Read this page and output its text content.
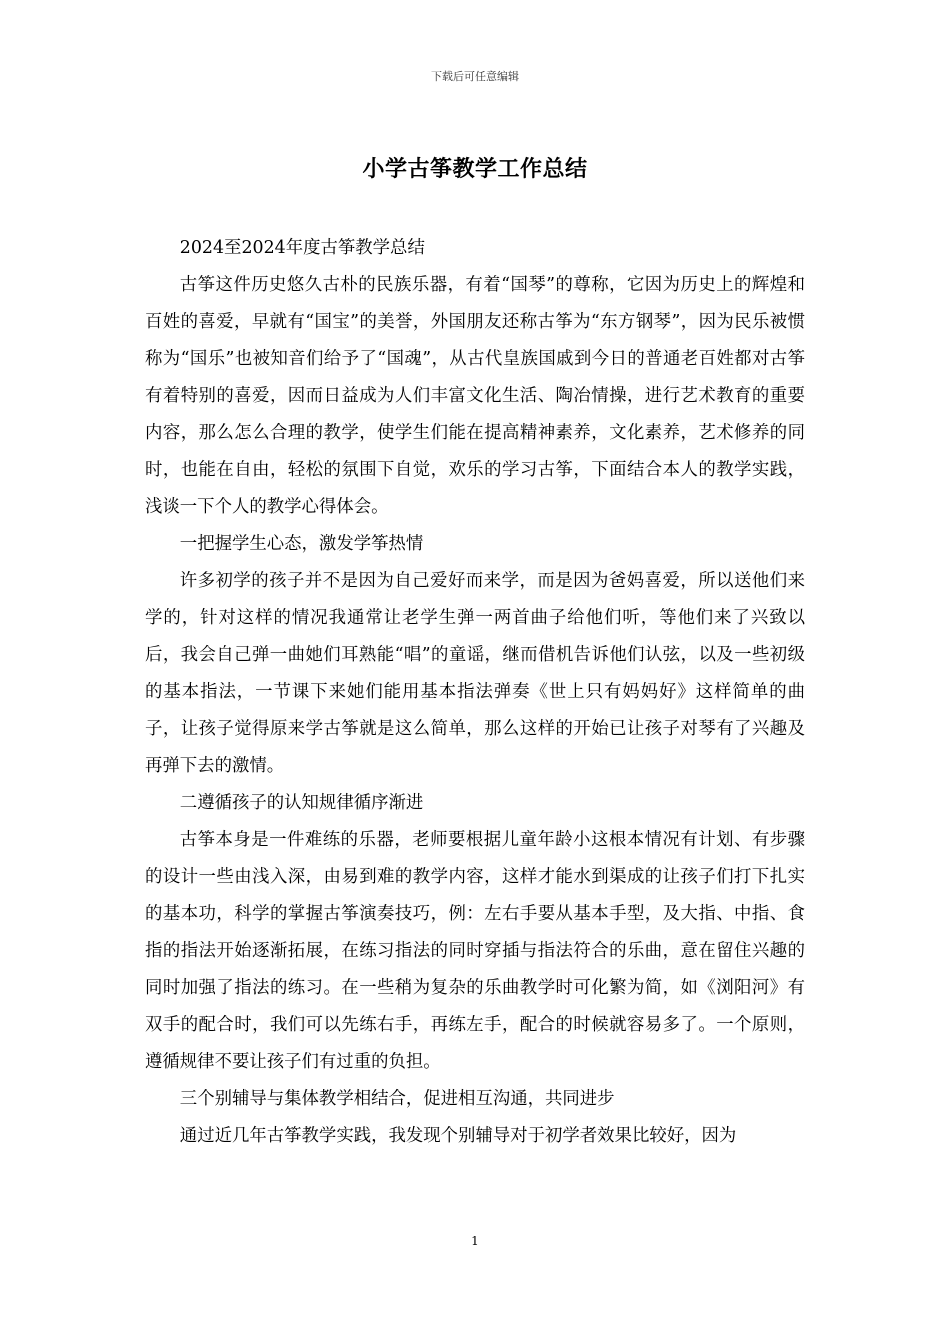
下载后可任意编辑
小学古筝教学工作总结

2024至2024年度古筝教学总结

古筝这件历史悠久古朴的民族乐器，有着“国琴”的尊称，它因为历史上的辉煌和百姓的喜爱，早就有“国宝”的美誉，外国朋友还称古筝为“东方钢琴”，因为民乐被惯称为“国乐”也被知音们给予了“国魂”，从古代皇族国戚到今日的普通老百姓都对古筝有着特别的喜爱，因而日益成为人们丰富文化生活、陶冶情操，进行艺术教育的重要内容，那么怎么合理的教学，使学生们能在提高精神素养，文化素养，艺术修养的同时，也能在自由，轻松的氛围下自觉，欢乐的学习古筝，下面结合本人的教学实践，浅谈一下个人的教学心得体会。

一把握学生心态，激发学筝热情

许多初学的孩子并不是因为自己爱好而来学，而是因为爸妈喜爱，所以送他们来学的，针对这样的情况我通常让老学生弹一两首曲子给他们听，等他们来了兴致以后，我会自己弹一曲她们耳熟能“唱”的童谣，继而借机告诉他们认弦，以及一些初级的基本指法，一节课下来她们能用基本指法弹奏《世上只有妈妈好》这样简单的曲子，让孩子觉得原来学古筝就是这么简单，那么这样的开始已让孩子对琴有了兴趣及再弹下去的激情。

二遵循孩子的认知规律循序渐进

古筝本身是一件难练的乐器，老师要根据儿童年龄小这根本情况有计划、有步骤的设计一些由浅入深，由易到难的教学内容，这样才能水到渠成的让孩子们打下扎实的基本功，科学的掌握古筝演奏技巧，例：左右手要从基本手型，及大指、中指、食指的指法开始逐渐拓展，在练习指法的同时穿插与指法符合的乐曲，意在留住兴趣的同时加强了指法的练习。在一些稍为复杂的乐曲教学时可化繁为简，如《浏阳河》有双手的配合时，我们可以先练右手，再练左手，配合的时候就容易多了。一个原则，遵循规律不要让孩子们有过重的负担。

三个别辅导与集体教学相结合，促进相互沟通，共同进步

通过近几年古筝教学实践，我发现个别辅导对于初学者效果比较好，因为

1
